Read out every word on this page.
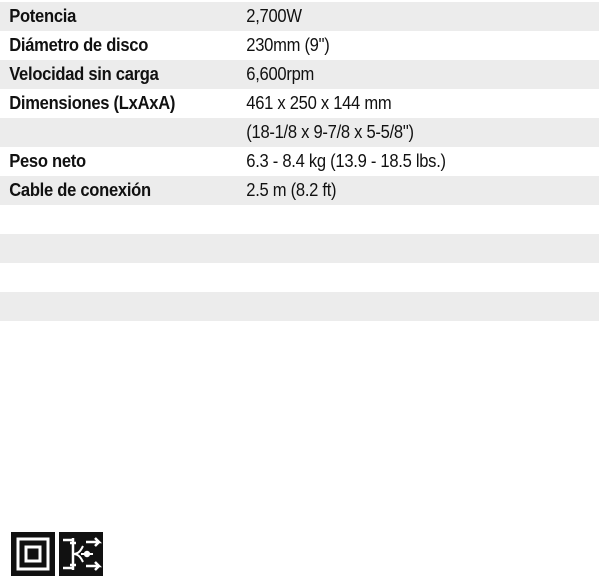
Potencia	2,700W
Diámetro de disco	230mm (9")
Velocidad sin carga	6,600rpm
Dimensiones (LxAxA)	461 x 250 x 144 mm
(18-1/8 x 9-7/8 x 5-5/8")
Peso neto	6.3 - 8.4 kg (13.9 - 18.5 lbs.)
Cable de conexión	2.5 m (8.2 ft)
